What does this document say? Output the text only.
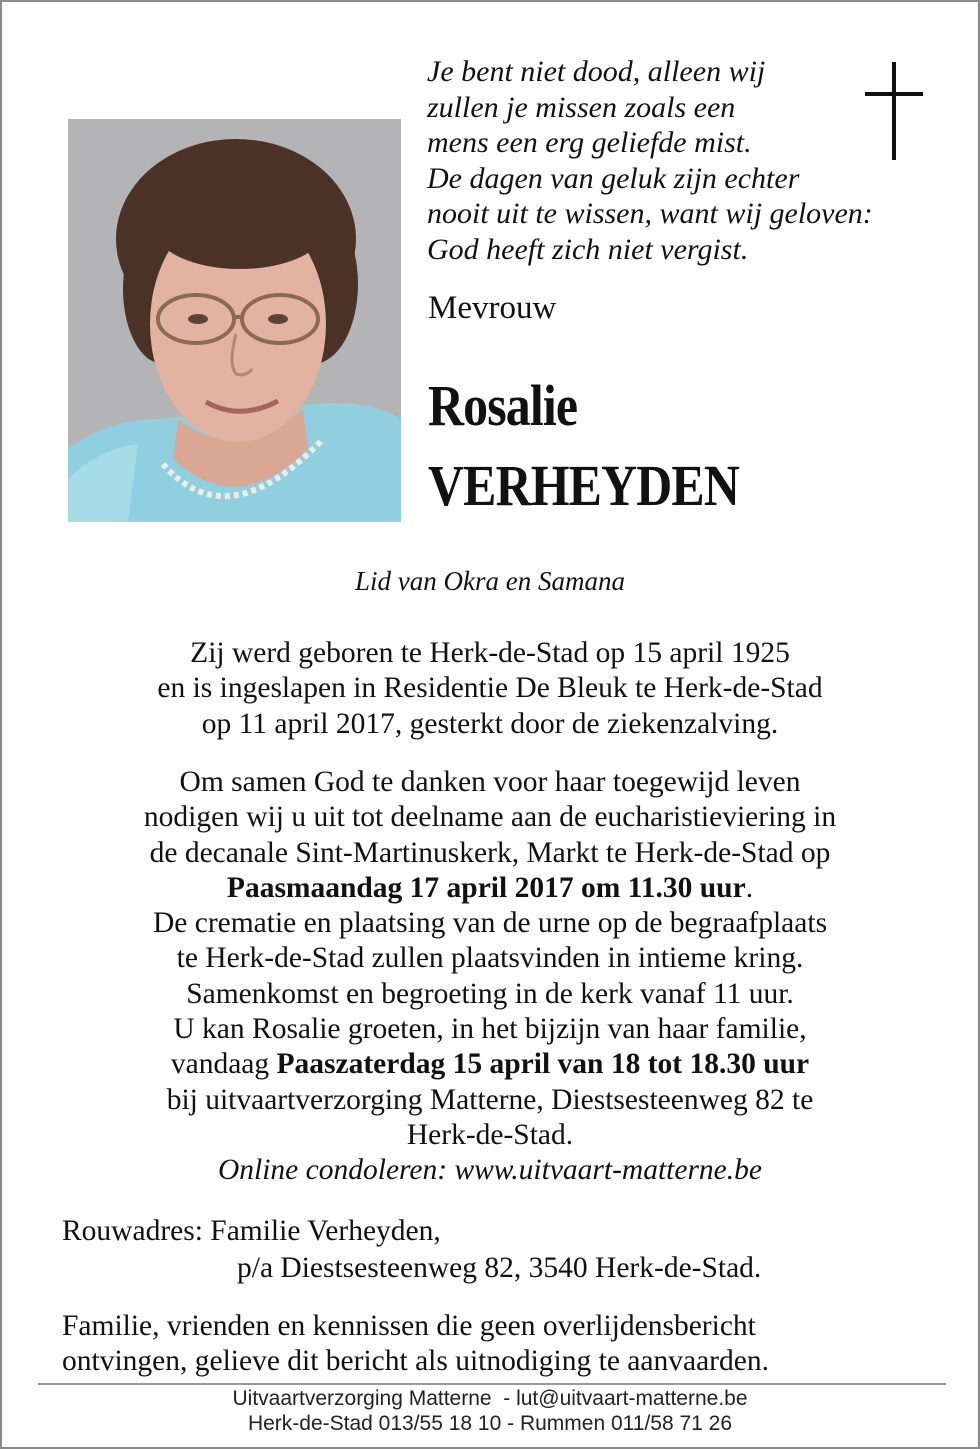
Je bent niet dood, alleen wij
zullen je missen zoals een
mens een erg geliefde mist.
De dagen van geluk zijn echter
nooit uit te wissen, want wij geloven:
God heeft zich niet vergist.
Mevrouw
Rosalie
VERHEYDEN
Lid van Okra en Samana
Zij werd geboren te Herk-de-Stad op 15 april 1925
en is ingeslapen in Residentie De Bleuk te Herk-de-Stad
op 11 april 2017, gesterkt door de ziekenzalving.
Om samen God te danken voor haar toegewijd leven
nodigen wij u uit tot deelname aan de eucharistieviering in
de decanale Sint-Martinuskerk, Markt te Herk-de-Stad op
Paasmaandag 17 april 2017 om 11.30 uur.
De crematie en plaatsing van de urne op de begraafplaats
te Herk-de-Stad zullen plaatsvinden in intieme kring.
Samenkomst en begroeting in de kerk vanaf 11 uur.
U kan Rosalie groeten, in het bijzijn van haar familie,
vandaag Paaszaterdag 15 april van 18 tot 18.30 uur
bij uitvaartverzorging Matterne, Diestsesteenweg 82 te
Herk-de-Stad.
Online condoleren: www.uitvaart-matterne.be
Rouwadres: Familie Verheyden,
p/a Diestsesteenweg 82, 3540 Herk-de-Stad.
Familie, vrienden en kennissen die geen overlijdensbericht
ontvingen, gelieve dit bericht als uitnodiging te aanvaarden.
Uitvaartverzorging Matterne  - lut@uitvaart-matterne.be
Herk-de-Stad 013/55 18 10 - Rummen 011/58 71 26
